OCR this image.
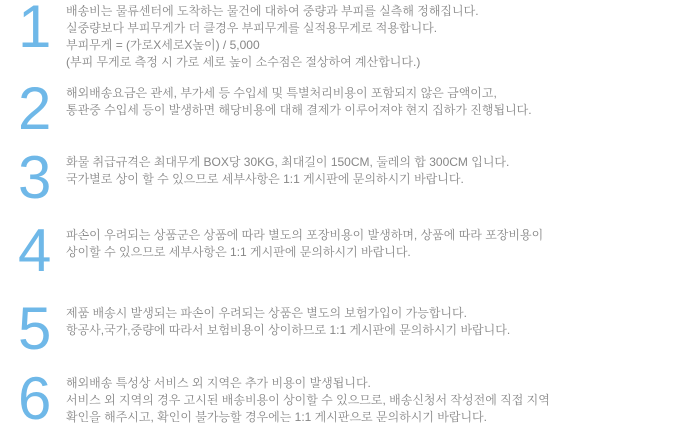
1 배송비는 물류센터에 도착하는 물건에 대하여 중량과 부피를 실측해 정해집니다.
실중량보다 부피무게가 더 클경우 부피무게를 실적용무게로 적용합니다.
부피무게 = (가로X세로X높이) / 5,000
(부피 무게로 측정 시 가로 세로 높이 소수점은 절상하여 계산합니다.)
2 해외배송요금은 관세, 부가세 등 수입세 및 특별처리비용이 포함되지 않은 금액이고,
통관중 수입세 등이 발생하면 해당비용에 대해 결제가 이루어져야 현지 집하가 진행됩니다.
3 화물 취급규격은 최대무게 BOX당 30KG, 최대길이 150CM, 둘레의 합 300CM 입니다.
국가별로 상이 할 수 있으므로 세부사항은 1:1 게시판에 문의하시기 바랍니다.
4 파손이 우려되는 상품군은 상품에 따라 별도의 포장비용이 발생하며, 상품에 따라 포장비용이
상이할 수 있으므로 세부사항은 1:1 게시판에 문의하시기 바랍니다.
5 제품 배송시 발생되는 파손이 우려되는 상품은 별도의 보험가입이 가능합니다.
항공사,국가,중량에 따라서 보험비용이 상이하므로 1:1 게시판에 문의하시기 바랍니다.
6 해외배송 특성상 서비스 외 지역은 추가 비용이 발생됩니다.
서비스 외 지역의 경우 고시된 배송비용이 상이할 수 있으므로, 배송신청서 작성전에 직접 지역
확인을 해주시고, 확인이 불가능할 경우에는 1:1 게시판으로 문의하시기 바랍니다.
